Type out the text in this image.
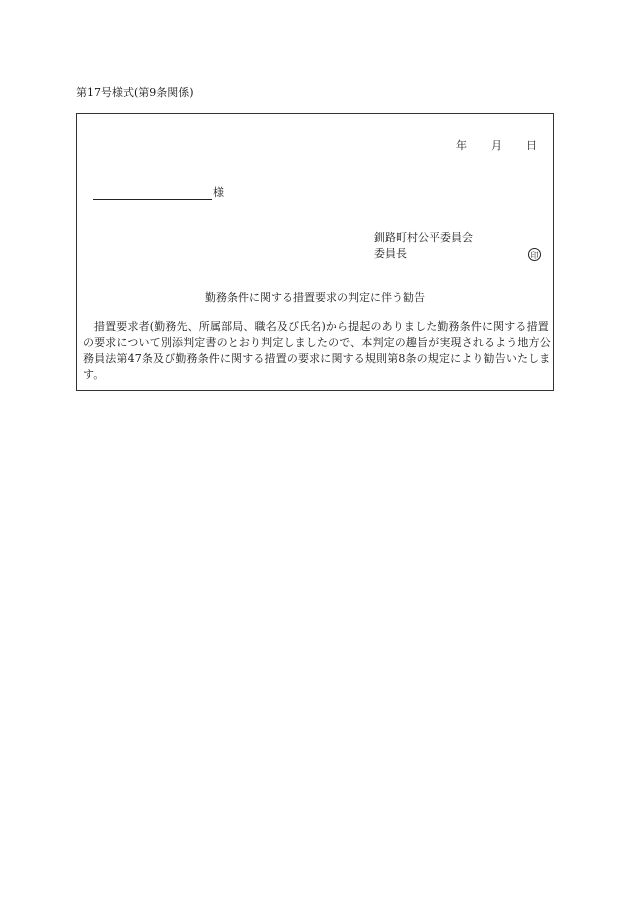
第17号様式(第9条関係)
年 月 日
様
釧路町村公平委員会
委員長	印
勤務条件に関する措置要求の判定に伴う勧告
措置要求者(勤務先、所属部局、職名及び氏名)から提起のありました勤務条件に関する措置の要求について別添判定書のとおり判定しましたので、本判定の趣旨が実現されるよう地方公務員法第47条及び勤務条件に関する措置の要求に関する規則第8条の規定により勧告いたします。
